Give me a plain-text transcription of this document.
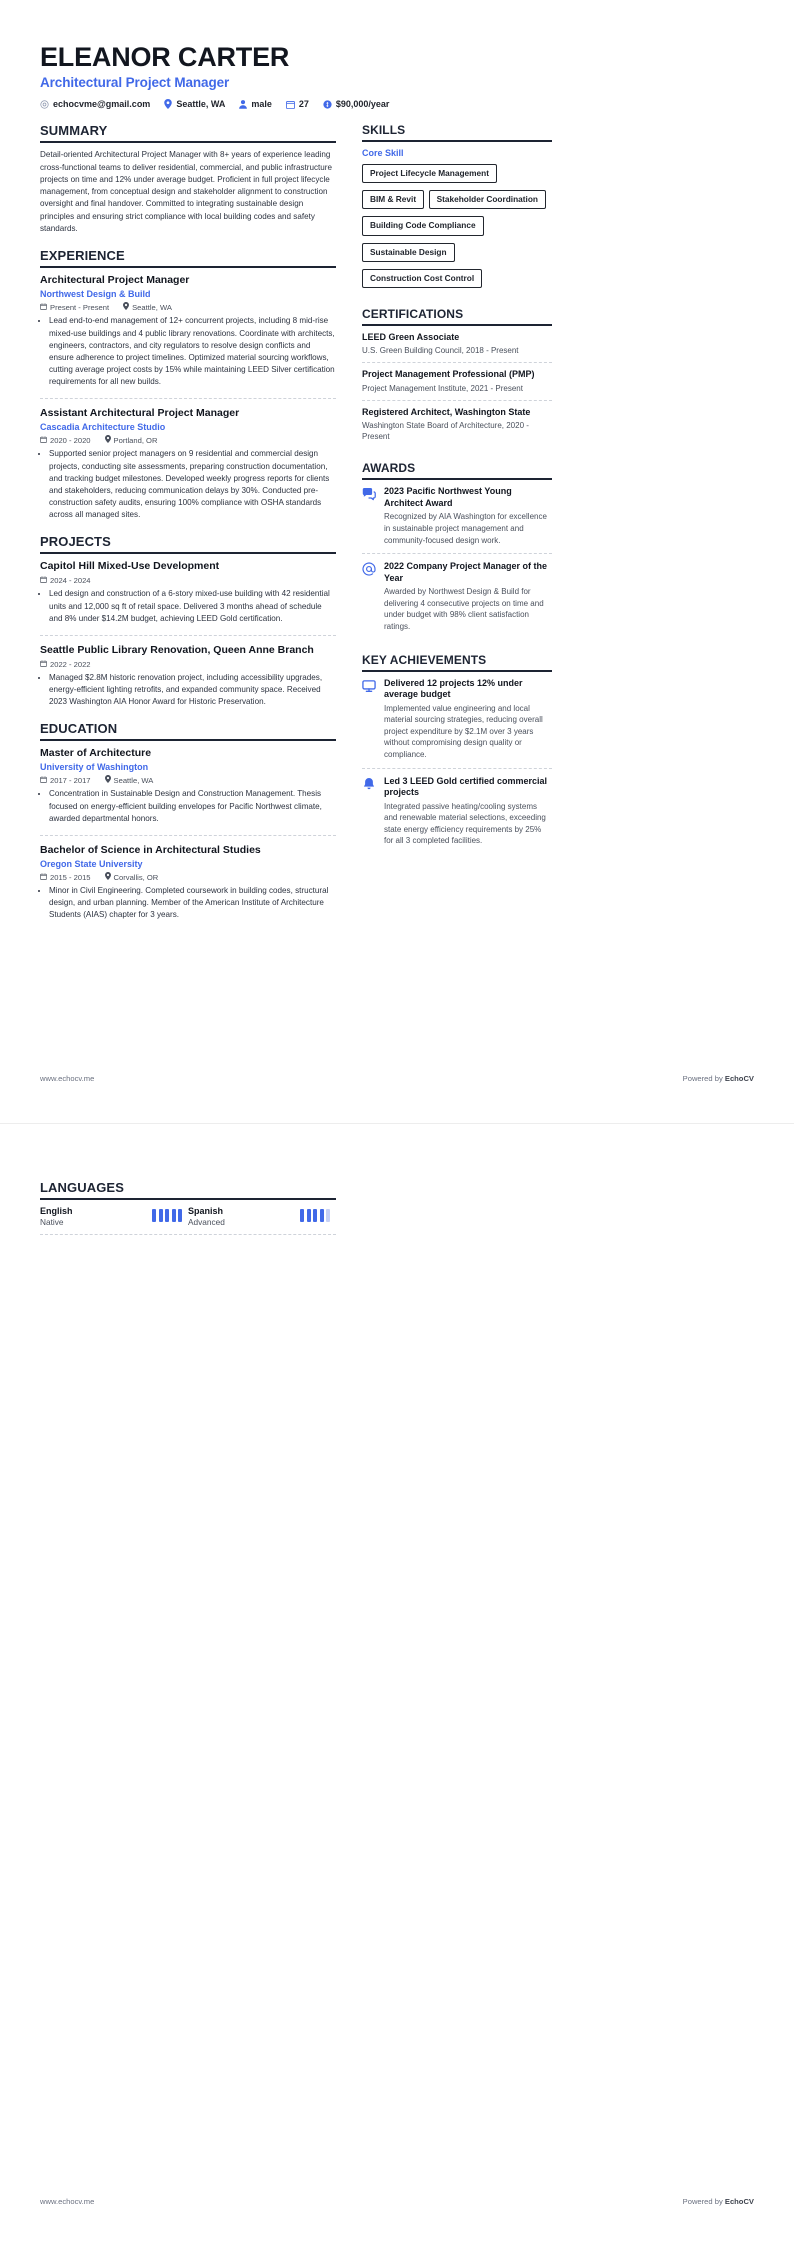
ELEANOR CARTER
Architectural Project Manager
echocvme@gmail.com	Seattle, WA	male	27	$90,000/year
SUMMARY
Detail-oriented Architectural Project Manager with 8+ years of experience leading cross-functional teams to deliver residential, commercial, and public infrastructure projects on time and 12% under average budget. Proficient in full project lifecycle management, from conceptual design and stakeholder alignment to construction oversight and final handover. Committed to integrating sustainable design principles and ensuring strict compliance with local building codes and safety standards.
EXPERIENCE
Architectural Project Manager
Northwest Design & Build
Present - Present	Seattle, WA
• Lead end-to-end management of 12+ concurrent projects, including 8 mid-rise mixed-use buildings and 4 public library renovations. Coordinate with architects, engineers, contractors, and city regulators to resolve design conflicts and ensure adherence to project timelines. Optimized material sourcing workflows, cutting average project costs by 15% while maintaining LEED Silver certification requirements for all new builds.
Assistant Architectural Project Manager
Cascadia Architecture Studio
2020 - 2020	Portland, OR
• Supported senior project managers on 9 residential and commercial design projects, conducting site assessments, preparing construction documentation, and tracking budget milestones. Developed weekly progress reports for clients and stakeholders, reducing communication delays by 30%. Conducted pre-construction safety audits, ensuring 100% compliance with OSHA standards across all managed sites.
PROJECTS
Capitol Hill Mixed-Use Development
2024 - 2024
• Led design and construction of a 6-story mixed-use building with 42 residential units and 12,000 sq ft of retail space. Delivered 3 months ahead of schedule and 8% under $14.2M budget, achieving LEED Gold certification.
Seattle Public Library Renovation, Queen Anne Branch
2022 - 2022
• Managed $2.8M historic renovation project, including accessibility upgrades, energy-efficient lighting retrofits, and expanded community space. Received 2023 Washington AIA Honor Award for Historic Preservation.
EDUCATION
Master of Architecture
University of Washington
2017 - 2017	Seattle, WA
• Concentration in Sustainable Design and Construction Management. Thesis focused on energy-efficient building envelopes for Pacific Northwest climate, awarded departmental honors.
Bachelor of Science in Architectural Studies
Oregon State University
2015 - 2015	Corvallis, OR
• Minor in Civil Engineering. Completed coursework in building codes, structural design, and urban planning. Member of the American Institute of Architecture Students (AIAS) chapter for 3 years.
SKILLS
Core Skill
Project Lifecycle Management BIM & Revit Stakeholder Coordination Building Code Compliance Sustainable Design Construction Cost Control
CERTIFICATIONS
LEED Green Associate
U.S. Green Building Council, 2018 - Present
Project Management Professional (PMP)
Project Management Institute, 2021 - Present
Registered Architect, Washington State
Washington State Board of Architecture, 2020 - Present
AWARDS
2023 Pacific Northwest Young Architect Award
Recognized by AIA Washington for excellence in sustainable project management and community-focused design work.
2022 Company Project Manager of the Year
Awarded by Northwest Design & Build for delivering 4 consecutive projects on time and under budget with 98% client satisfaction ratings.
KEY ACHIEVEMENTS
Delivered 12 projects 12% under average budget
Implemented value engineering and local material sourcing strategies, reducing overall project expenditure by $2.1M over 3 years without compromising design quality or compliance.
Led 3 LEED Gold certified commercial projects
Integrated passive heating/cooling systems and renewable material selections, exceeding state energy efficiency requirements by 25% for all 3 completed facilities.
www.echocv.me	Powered by EchoCV
LANGUAGES
English
Native
Spanish
Advanced
www.echocv.me	Powered by EchoCV
